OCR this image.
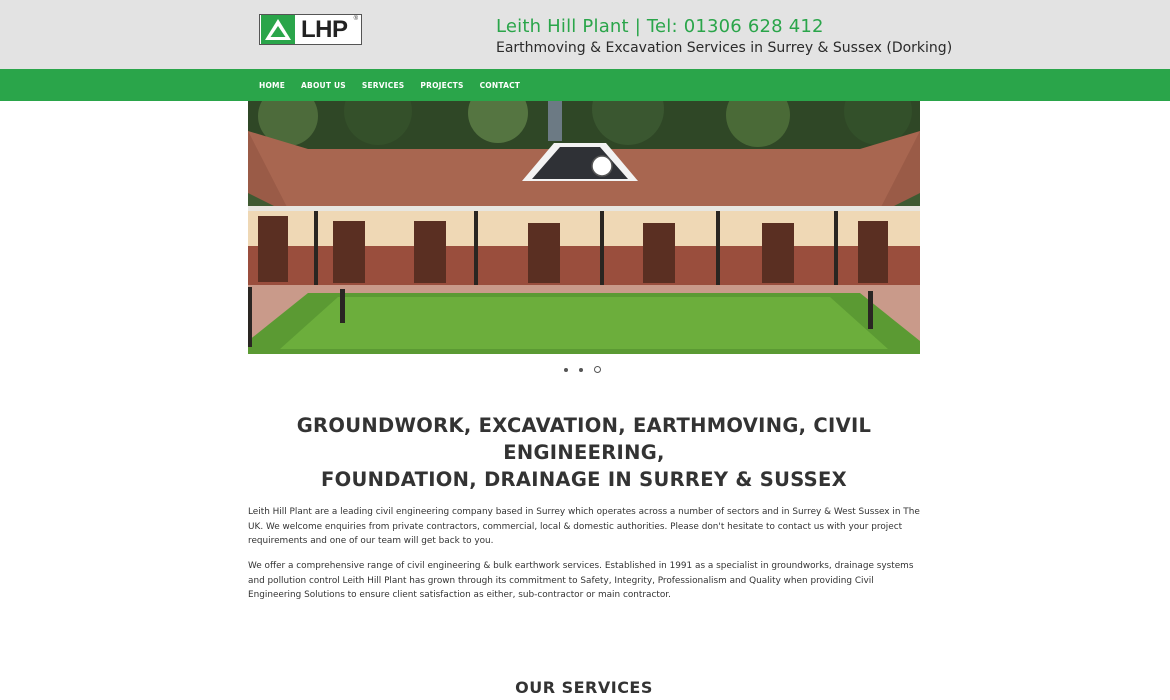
LHP ®	Leith Hill Plant | Tel: 01306 628 412
Earthmoving & Excavation Services in Surrey & Sussex (Dorking)
HOME ABOUT US SERVICES PROJECTS CONTACT
GROUNDWORK, EXCAVATION, EARTHMOVING, CIVIL ENGINEERING,
FOUNDATION, DRAINAGE IN SURREY & SUSSEX

Leith Hill Plant are a leading civil engineering company based in Surrey which operates across a number of sectors and in Surrey & West Sussex in The UK. We welcome enquiries from private contractors, commercial, local & domestic authorities. Please don't hesitate to contact us with your project requirements and one of our team will get back to you.

We offer a comprehensive range of civil engineering & bulk earthwork services. Established in 1991 as a specialist in groundworks, drainage systems and pollution control Leith Hill Plant has grown through its commitment to Safety, Integrity, Professionalism and Quality when providing Civil Engineering Solutions to ensure client satisfaction as either, sub-contractor or main contractor.

OUR SERVICES
